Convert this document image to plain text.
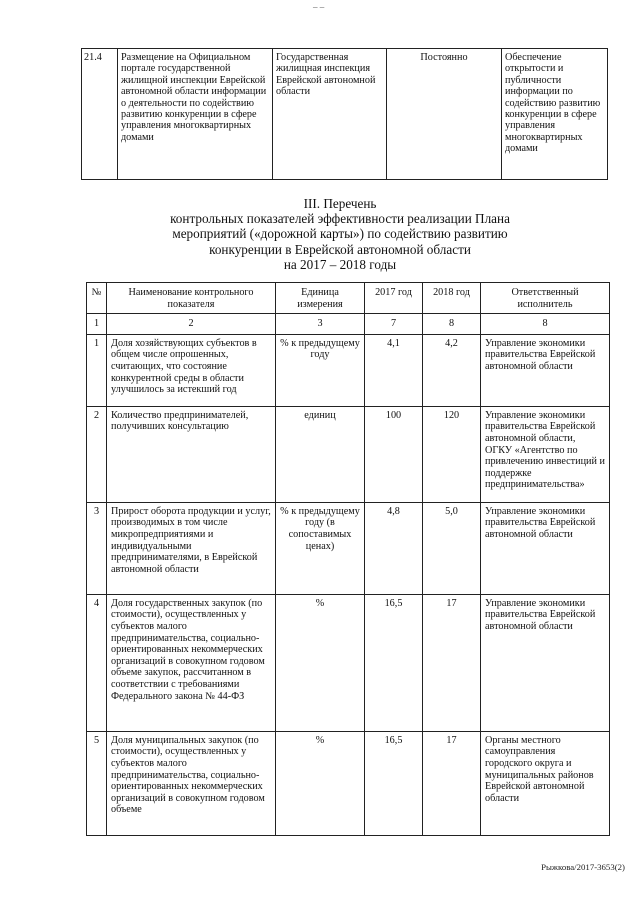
– –
21.4	Размещение на Официальном портале государственной жилищной инспекции Еврейской автономной области информации о деятельности по содействию развитию конкуренции в сфере управления многоквартирных домами	Государственная жилищная инспекция Еврейской автономной области	Постоянно	Обеспечение открытости и публичности информации по содействию развитию конкуренции в сфере управления многоквартирных домами
III. Перечень
контрольных показателей эффективности реализации Плана
мероприятий («дорожной карты») по содействию развитию
конкуренции в Еврейской автономной области
на 2017 – 2018 годы
№	Наименование контрольного показателя	Единица измерения	2017 год	2018 год	Ответственный исполнитель
1	2	3	7	8	8
1	Доля хозяйствующих субъектов в общем числе опрошенных, считающих, что состояние конкурентной среды в области улучшилось за истекший год	% к предыдущему году	4,1	4,2	Управление экономики правительства Еврейской автономной области
2	Количество предпринимателей, получивших консультацию	единиц	100	120	Управление экономики правительства Еврейской автономной области, ОГКУ «Агентство по привлечению инвестиций и поддержке предпринимательства»
3	Прирост оборота продукции и услуг, производимых в том числе микропредприятиями и индивидуальными предпринимателями, в Еврейской автономной области	% к предыдущему году (в сопоставимых ценах)	4,8	5,0	Управление экономики правительства Еврейской автономной области
4	Доля государственных закупок (по стоимости), осуществленных у субъектов малого предпринимательства, социально-ориентированных некоммерческих организаций в совокупном годовом объеме закупок, рассчитанном в соответствии с требованиями Федерального закона № 44-ФЗ	%	16,5	17	Управление экономики правительства Еврейской автономной области
5	Доля муниципальных закупок (по стоимости), осуществленных у субъектов малого предпринимательства, социально-ориентированных некоммерческих организаций в совокупном годовом объеме	%	16,5	17	Органы местного самоуправления городского округа и муниципальных районов Еврейской автономной области
Рыжкова/2017-3653(2)
